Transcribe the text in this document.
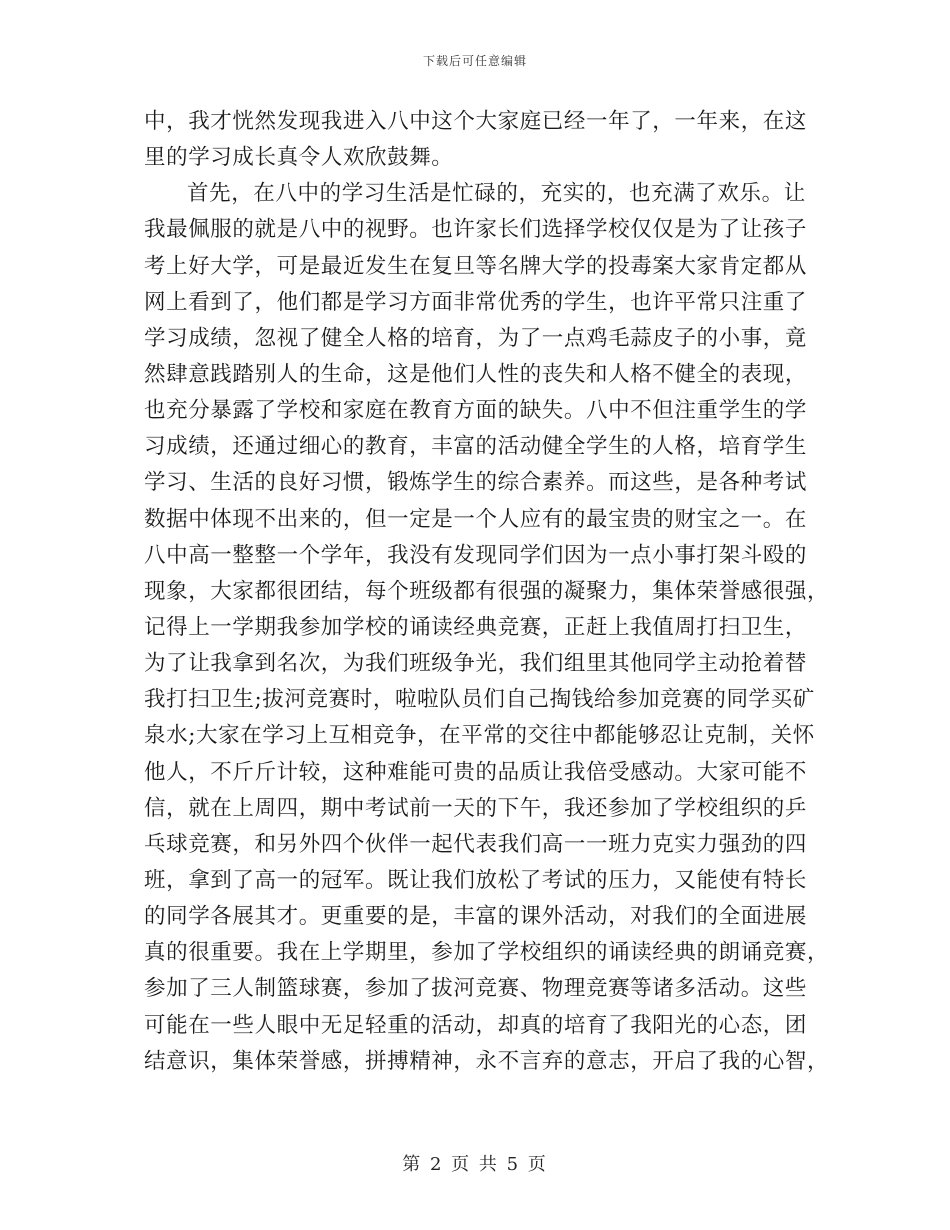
下载后可任意编辑
中，我才恍然发现我进入八中这个大家庭已经一年了，一年来，在这
里的学习成长真令人欢欣鼓舞。
首先，在八中的学习生活是忙碌的，充实的，也充满了欢乐。让
我最佩服的就是八中的视野。也许家长们选择学校仅仅是为了让孩子
考上好大学，可是最近发生在复旦等名牌大学的投毒案大家肯定都从
网上看到了，他们都是学习方面非常优秀的学生，也许平常只注重了
学习成绩，忽视了健全人格的培育，为了一点鸡毛蒜皮子的小事，竟
然肆意践踏别人的生命，这是他们人性的丧失和人格不健全的表现，
也充分暴露了学校和家庭在教育方面的缺失。八中不但注重学生的学
习成绩，还通过细心的教育，丰富的活动健全学生的人格，培育学生
学习、生活的良好习惯，锻炼学生的综合素养。而这些，是各种考试
数据中体现不出来的，但一定是一个人应有的最宝贵的财宝之一。在
八中高一整整一个学年，我没有发现同学们因为一点小事打架斗殴的
现象，大家都很团结，每个班级都有很强的凝聚力，集体荣誉感很强，
记得上一学期我参加学校的诵读经典竞赛，正赶上我值周打扫卫生，
为了让我拿到名次，为我们班级争光，我们组里其他同学主动抢着替
我打扫卫生;拔河竞赛时，啦啦队员们自己掏钱给参加竞赛的同学买矿
泉水;大家在学习上互相竞争，在平常的交往中都能够忍让克制，关怀
他人，不斤斤计较，这种难能可贵的品质让我倍受感动。大家可能不
信，就在上周四，期中考试前一天的下午，我还参加了学校组织的乒
乓球竞赛，和另外四个伙伴一起代表我们高一一班力克实力强劲的四
班，拿到了高一的冠军。既让我们放松了考试的压力，又能使有特长
的同学各展其才。更重要的是，丰富的课外活动，对我们的全面进展
真的很重要。我在上学期里，参加了学校组织的诵读经典的朗诵竞赛，
参加了三人制篮球赛，参加了拔河竞赛、物理竞赛等诸多活动。这些
可能在一些人眼中无足轻重的活动，却真的培育了我阳光的心态，团
结意识，集体荣誉感，拼搏精神，永不言弃的意志，开启了我的心智，
第 2 页 共 5 页
